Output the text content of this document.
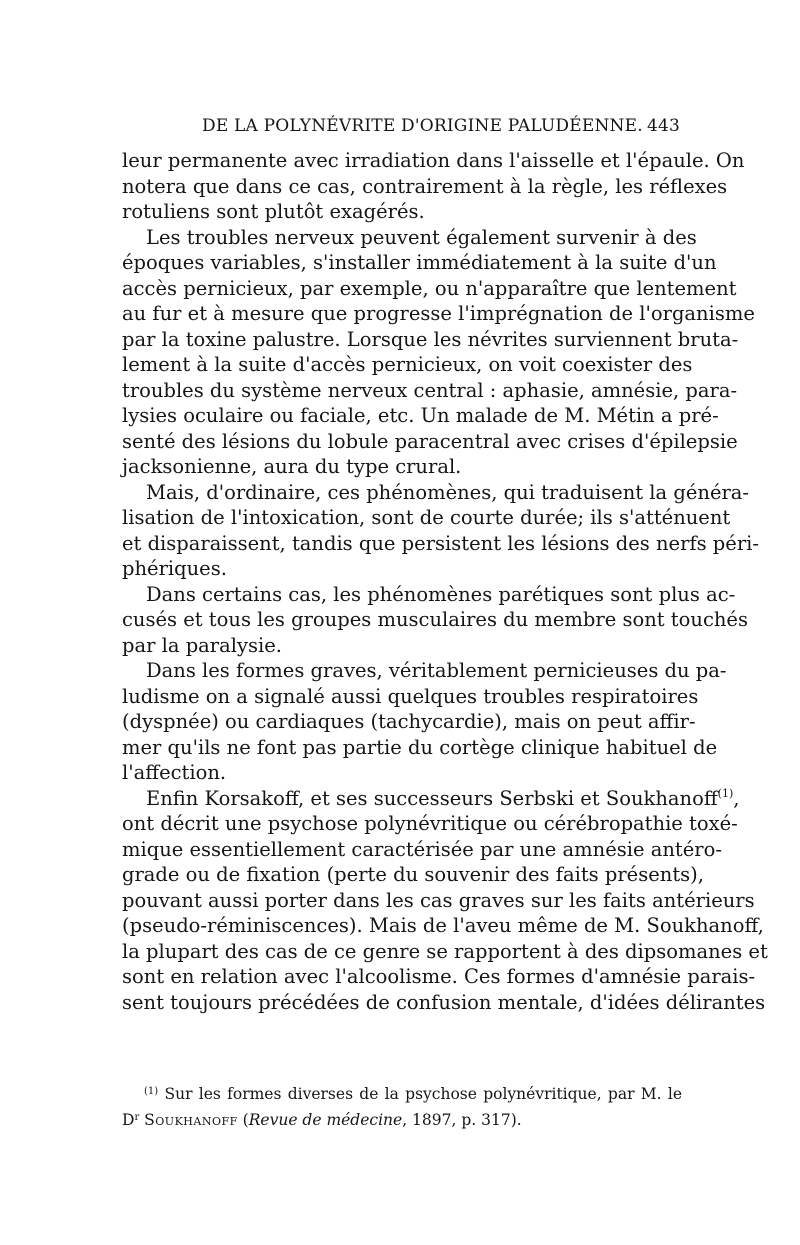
DE LA POLYNÉVRITE D'ORIGINE PALUDÉENNE. 443
leur permanente avec irradiation dans l'aisselle et l'épaule. On
notera que dans ce cas, contrairement à la règle, les réflexes
rotuliens sont plutôt exagérés.
Les troubles nerveux peuvent également survenir à des
époques variables, s'installer immédiatement à la suite d'un
accès pernicieux, par exemple, ou n'apparaître que lentement
au fur et à mesure que progresse l'imprégnation de l'organisme
par la toxine palustre. Lorsque les névrites surviennent bruta-
lement à la suite d'accès pernicieux, on voit coexister des
troubles du système nerveux central : aphasie, amnésie, para-
lysies oculaire ou faciale, etc. Un malade de M. Métin a pré-
senté des lésions du lobule paracentral avec crises d'épilepsie
jacksonienne, aura du type crural.
Mais, d'ordinaire, ces phénomènes, qui traduisent la généra-
lisation de l'intoxication, sont de courte durée; ils s'atténuent
et disparaissent, tandis que persistent les lésions des nerfs péri-
phériques.
Dans certains cas, les phénomènes parétiques sont plus ac-
cusés et tous les groupes musculaires du membre sont touchés
par la paralysie.
Dans les formes graves, véritablement pernicieuses du pa-
ludisme on a signalé aussi quelques troubles respiratoires
(dyspnée) ou cardiaques (tachycardie), mais on peut affir-
mer qu'ils ne font pas partie du cortège clinique habituel de
l'affection.
Enfin Korsakoff, et ses successeurs Serbski et Soukhanoff$^{(1)}$,
ont décrit une psychose polynévritique ou cérébropathie toxé-
mique essentiellement caractérisée par une amnésie antéro-
grade ou de fixation (perte du souvenir des faits présents),
pouvant aussi porter dans les cas graves sur les faits antérieurs
(pseudo-réminiscences). Mais de l'aveu même de M. Soukhanoff,
la plupart des cas de ce genre se rapportent à des dipsomanes et
sont en relation avec l'alcoolisme. Ces formes d'amnésie parais-
sent toujours précédées de confusion mentale, d'idées délirantes
$^{(1)}$ Sur les formes diverses de la psychose polynévritique, par M. le
$D^r$ Soukhanoff (Revue de médecine, 1897, p. 317).
